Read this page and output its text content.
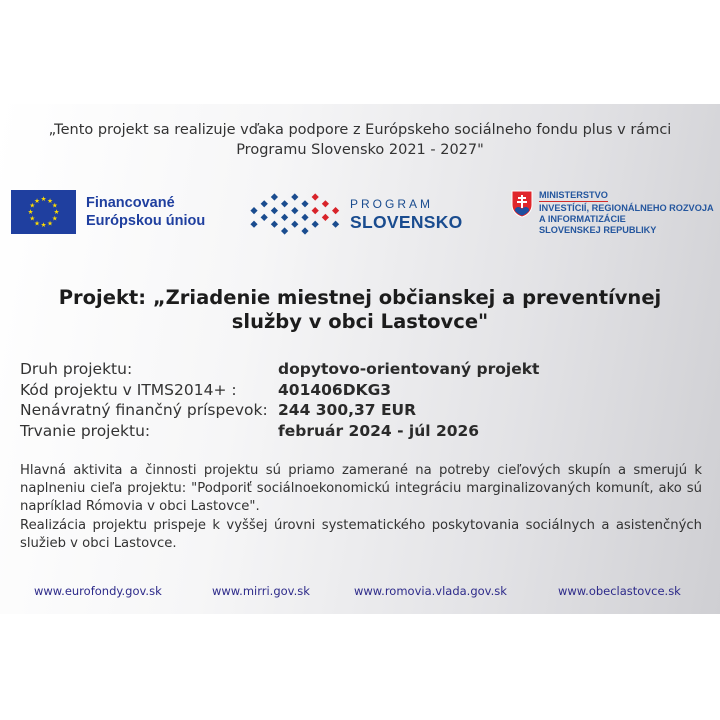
„Tento projekt sa realizuje vďaka podpore z Európskeho sociálneho fondu plus v rámci
Programu Slovensko 2021 - 2027"
★ ★
★
★
★
★
★
★
★
★
★
★	Financované
Európskou úniou
PROGRAM
SLOVENSKO
MINISTERSTVO
INVESTÍCIÍ, REGIONÁLNEHO ROZVOJA
A INFORMATIZÁCIE
SLOVENSKEJ REPUBLIKY
Projekt: „Zriadenie miestnej občianskej a preventívnej
služby v obci Lastovce"
Druh projektu:	dopytovo-orientovaný projekt
Kód projektu v ITMS2014+ :	401406DKG3
Nenávratný finančný príspevok: 244 300,37 EUR
Trvanie projektu:	február 2024 - júl 2026

Hlavná aktivita a činnosti projektu sú priamo zamerané na potreby cieľových skupín a smerujú k naplneniu cieľa projektu: "Podporiť sociálnoekonomickú integráciu marginalizovaných komunít, ako sú napríklad Rómovia v obci Lastovce".

Realizácia projektu prispeje k vyššej úrovni systematického poskytovania sociálnych a asistenčných služieb v obci Lastovce.

www.eurofondy.gov.sk	www.mirri.gov.sk	www.romovia.vlada.gov.sk	www.obeclastovce.sk
